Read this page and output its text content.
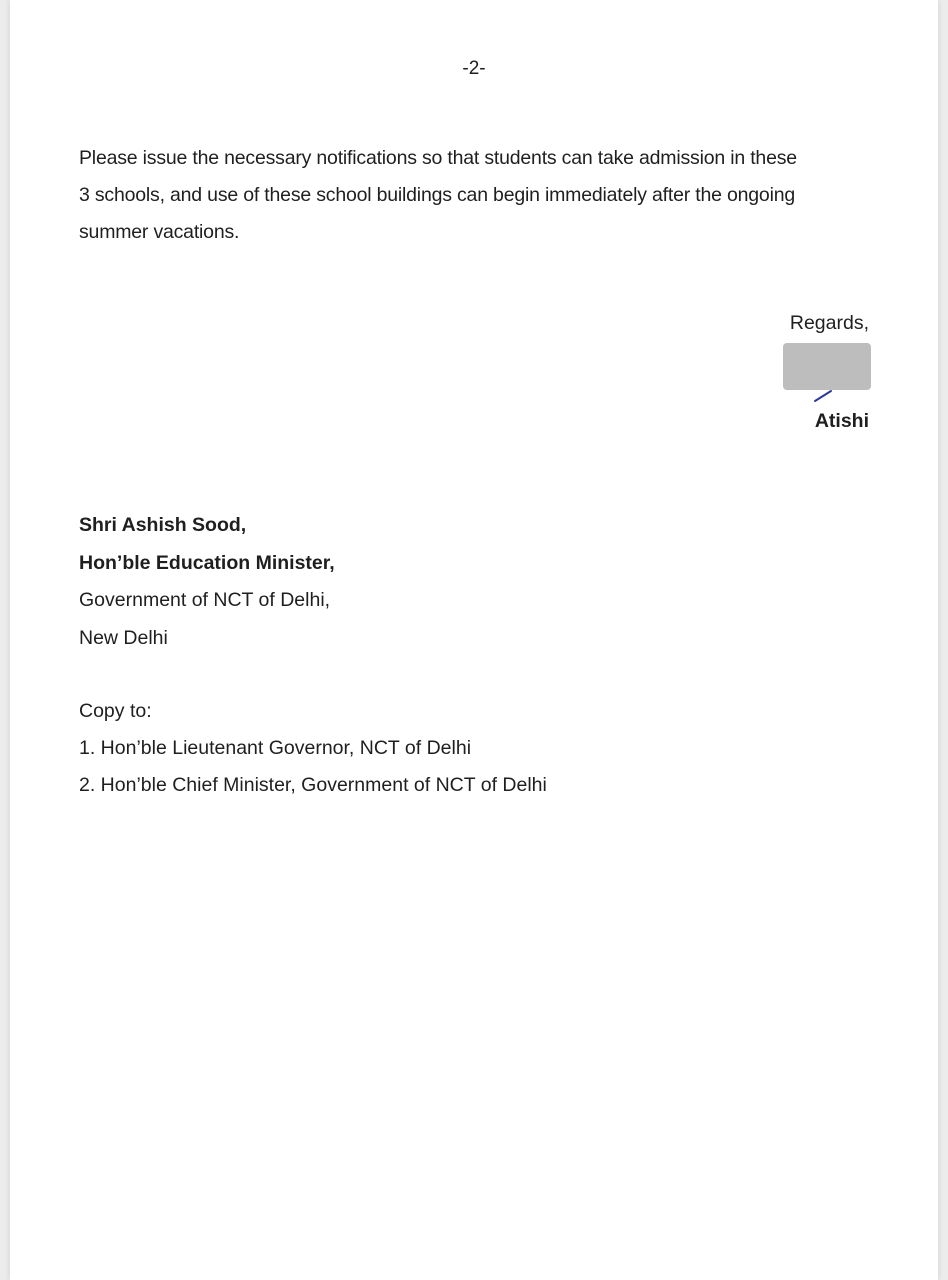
-2-
Please issue the necessary notifications so that students can take admission in these
3 schools, and use of these school buildings can begin immediately after the ongoing
summer vacations.
Regards,
Atishi
Shri Ashish Sood,
Hon’ble Education Minister,
Government of NCT of Delhi,
New Delhi
Copy to:
1. Hon’ble Lieutenant Governor, NCT of Delhi
2. Hon’ble Chief Minister, Government of NCT of Delhi
